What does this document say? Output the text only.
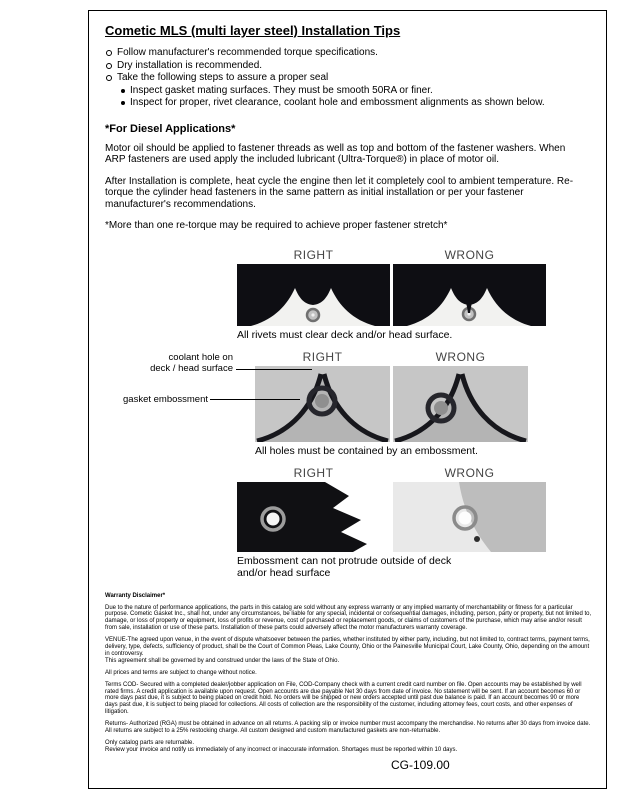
Cometic MLS (multi layer steel) Installation Tips
Follow manufacturer's recommended torque specifications.
Dry installation is recommended.
Take the following steps to assure a proper seal
Inspect gasket mating surfaces. They must be smooth 50RA or finer.
Inspect for proper, rivet clearance, coolant hole and embossment alignments as shown below.
*For Diesel Applications*

Motor oil should be applied to fastener threads as well as top and bottom of the fastener washers. When ARP fasteners are used apply the included lubricant (Ultra-Torque®) in place of motor oil.

After Installation is complete, heat cycle the engine then let it completely cool to ambient temperature. Re-torque the cylinder head fasteners in the same pattern as initial installation or per your fastener manufacturer's recommendations.

*More than one re-torque may be required to achieve proper fastener stretch*

RIGHT	WRONG
All rivets must clear deck and/or head surface.
coolant hole on
deck / head surface
gasket embossment
RIGHT	WRONG
All holes must be contained by an embossment.
RIGHT	WRONG
Embossment can not protrude outside of deck and/or head surface
Warranty Disclaimer*

Due to the nature of performance applications, the parts in this catalog are sold without any express warranty or any implied warranty of merchantability or fitness for a particular purpose. Cometic Gasket Inc., shall not, under any circumstances, be liable for any special, incidental or consequential damages, including, person, party or property, but not limited to, damage, or loss of property or equipment, loss of profits or revenue, cost of purchased or replacement goods, or claims of customers of the purchase, which may arise and/or result from sale, installation or use of these parts. Installation of these parts could adversely affect the motor manufacturers warranty coverage.

VENUE-The agreed upon venue, in the event of dispute whatsoever between the parties, whether instituted by either party, including, but not limited to, contract terms, payment terms, delivery, type, defects, sufficiency of product, shall be the Court of Common Pleas, Lake County, Ohio or the Painesville Municipal Court, Lake County, Ohio, depending on the amount in controversy.

This agreement shall be governed by and construed under the laws of the State of Ohio.

All prices and terms are subject to change without notice.

Terms COD- Secured with a completed dealer/jobber application on File, COD-Company check with a current credit card number on file. Open accounts may be established by well rated firms. A credit application is available upon request. Open accounts are due payable Net 30 days from date of invoice. No statement will be sent. If an account becomes 60 or more days past due, it is subject to being placed on credit hold. No orders will be shipped or new orders accepted until past due balance is paid. If an account becomes 90 or more days past due, it is subject to being placed for collections. All costs of collection are the responsibility of the customer, including attorney fees, court costs, and other expenses of litigation.

Returns- Authorized (RGA) must be obtained in advance on all returns. A packing slip or invoice number must accompany the merchandise. No returns after 30 days from invoice date. All returns are subject to a 25% restocking charge. All custom designed and custom manufactured gaskets are non-returnable.

Only catalog parts are returnable.

Review your invoice and notify us immediately of any incorrect or inaccurate information. Shortages must be reported within 10 days.

CG-109.00
